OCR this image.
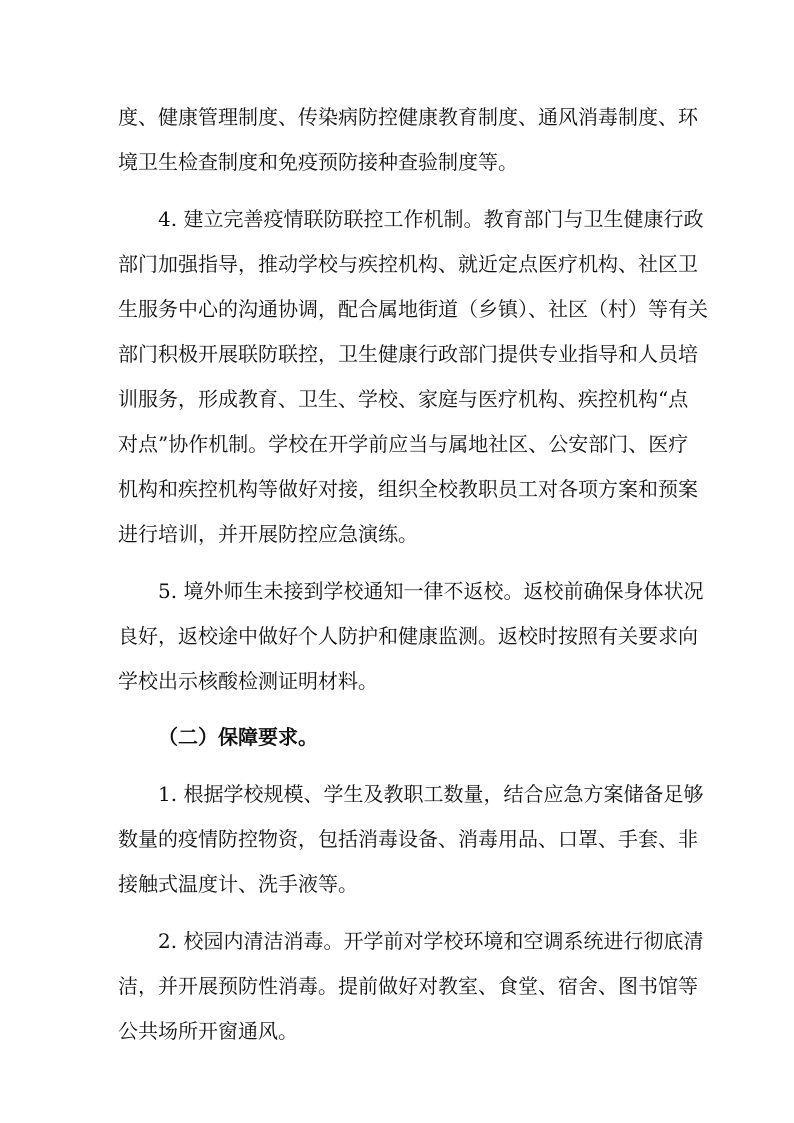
度、健康管理制度、传染病防控健康教育制度、通风消毒制度、环
境卫生检查制度和免疫预防接种查验制度等。
4. 建立完善疫情联防联控工作机制。教育部门与卫生健康行政
部门加强指导，推动学校与疾控机构、就近定点医疗机构、社区卫
生服务中心的沟通协调，配合属地街道（乡镇）、社区（村）等有关
部门积极开展联防联控，卫生健康行政部门提供专业指导和人员培
训服务，形成教育、卫生、学校、家庭与医疗机构、疾控机构“点
对点”协作机制。学校在开学前应当与属地社区、公安部门、医疗
机构和疾控机构等做好对接，组织全校教职员工对各项方案和预案
进行培训，并开展防控应急演练。
5. 境外师生未接到学校通知一律不返校。返校前确保身体状况
良好，返校途中做好个人防护和健康监测。返校时按照有关要求向
学校出示核酸检测证明材料。
（二）保障要求。
1. 根据学校规模、学生及教职工数量，结合应急方案储备足够
数量的疫情防控物资，包括消毒设备、消毒用品、口罩、手套、非
接触式温度计、洗手液等。
2. 校园内清洁消毒。开学前对学校环境和空调系统进行彻底清
洁，并开展预防性消毒。提前做好对教室、食堂、宿舍、图书馆等
公共场所开窗通风。
